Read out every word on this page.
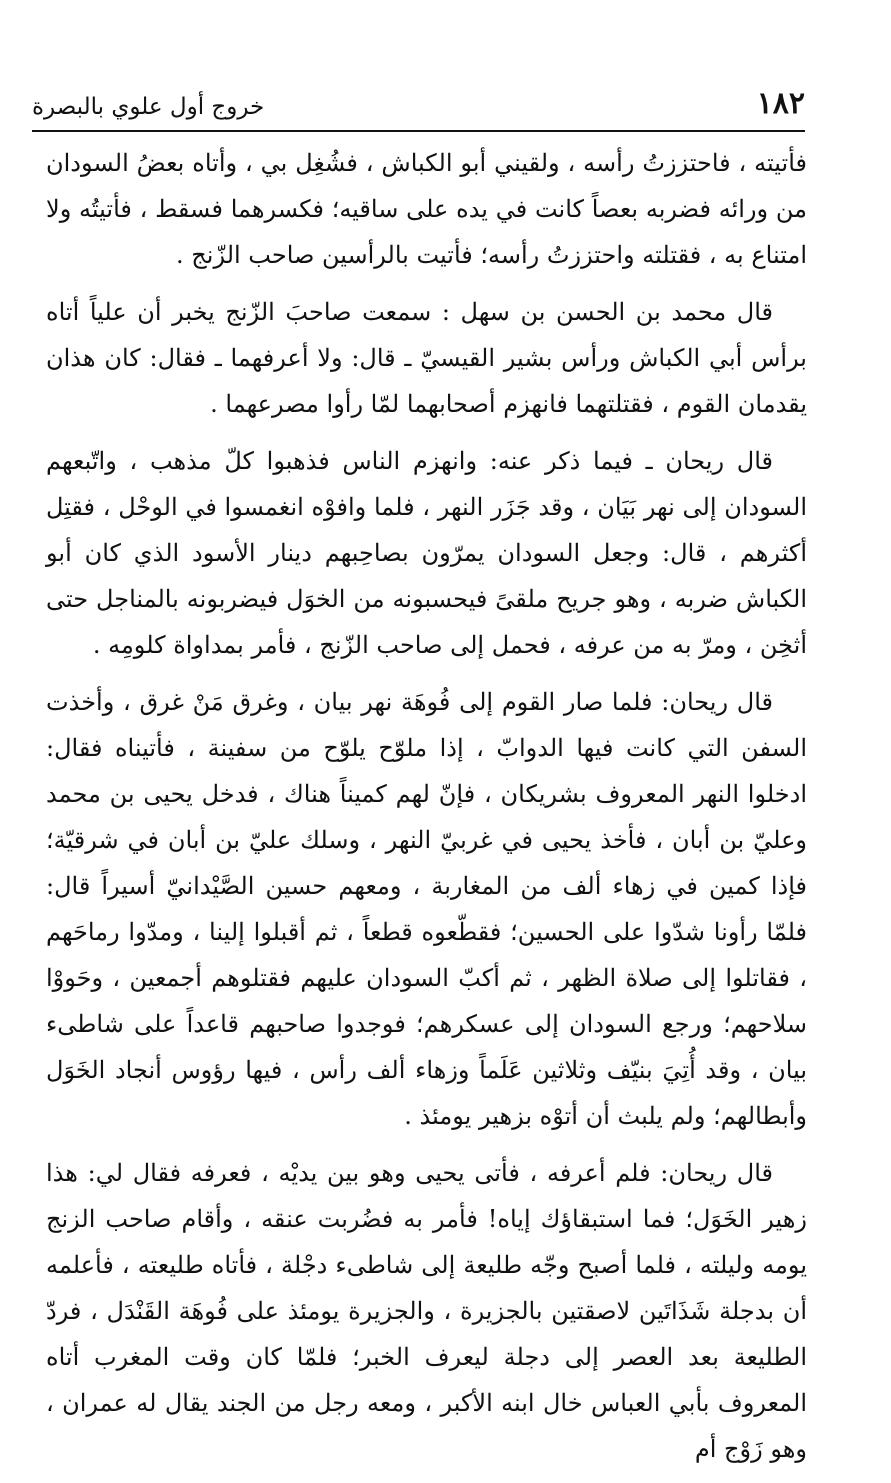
١٨٢
خروج أول علوي بالبصرة

فأتيته ، فاحتززتُ رأسه ، ولقيني أبو الكباش ، فشُغِل بي ، وأتاه بعضُ السودان من ورائه فضربه بعصاً كانت في يده على ساقيه؛ فكسرهما فسقط ، فأتيتُه ولا امتناع به ، فقتلته واحتززتُ رأسه؛ فأتيت بالرأسين صاحب الزّنج .

قال محمد بن الحسن بن سهل : سمعت صاحبَ الزّنج يخبر أن علياً أتاه برأس أبي الكباش ورأس بشير القيسيّ ـ قال: ولا أعرفهما ـ فقال: كان هذان يقدمان القوم ، فقتلتهما فانهزم أصحابهما لمّا رأوا مصرعهما .

قال ريحان ـ فيما ذكر عنه: وانهزم الناس فذهبوا كلّ مذهب ، واتّبعهم السودان إلى نهر بَيَان ، وقد جَزَر النهر ، فلما وافوْه انغمسوا في الوحْل ، فقتِل أكثرهم ، قال: وجعل السودان يمرّون بصاحِبهم دينار الأسود الذي كان أبو الكباش ضربه ، وهو جريح ملقىً فيحسبونه من الخوَل فيضربونه بالمناجل حتى أثخِن ، ومرّ به من عرفه ، فحمل إلى صاحب الزّنج ، فأمر بمداواة كلومِه .

قال ريحان: فلما صار القوم إلى فُوهَة نهر بيان ، وغرق مَنْ غرق ، وأخذت السفن التي كانت فيها الدوابّ ، إذا ملوّح يلوّح من سفينة ، فأتيناه فقال: ادخلوا النهر المعروف بشريكان ، فإنّ لهم كميناً هناك ، فدخل يحيى بن محمد وعليّ بن أبان ، فأخذ يحيى في غربيّ النهر ، وسلك عليّ بن أبان في شرقيّة؛ فإذا كمين في زهاء ألف من المغاربة ، ومعهم حسين الصَّيْدانيّ أسيراً قال: فلمّا رأونا شدّوا على الحسين؛ فقطّعوه قطعاً ، ثم أقبلوا إلينا ، ومدّوا رماحَهم ، فقاتلوا إلى صلاة الظهر ، ثم أكبّ السودان عليهم فقتلوهم أجمعين ، وحَووْا سلاحهم؛ ورجع السودان إلى عسكرهم؛ فوجدوا صاحبهم قاعداً على شاطىء بيان ، وقد أُتِيَ بنيّف وثلاثين عَلَماً وزهاء ألف رأس ، فيها رؤوس أنجاد الخَوَل وأبطالهم؛ ولم يلبث أن أتوْه بزهير يومئذ .

قال ريحان: فلم أعرفه ، فأتى يحيى وهو بين يديْه ، فعرفه فقال لي: هذا زهير الخَوَل؛ فما استبقاؤك إياه! فأمر به فضُربت عنقه ، وأقام صاحب الزنج يومه وليلته ، فلما أصبح وجّه طليعة إلى شاطىء دجْلة ، فأتاه طليعته ، فأعلمه أن بدجلة شَذَاتَين لاصقتين بالجزيرة ، والجزيرة يومئذ على فُوهَة القَنْدَل ، فردّ الطليعة بعد العصر إلى دجلة ليعرف الخبر؛ فلمّا كان وقت المغرب أتاه المعروف بأبي العباس خال ابنه الأكبر ، ومعه رجل من الجند يقال له عمران ، وهو زَوْج أم
